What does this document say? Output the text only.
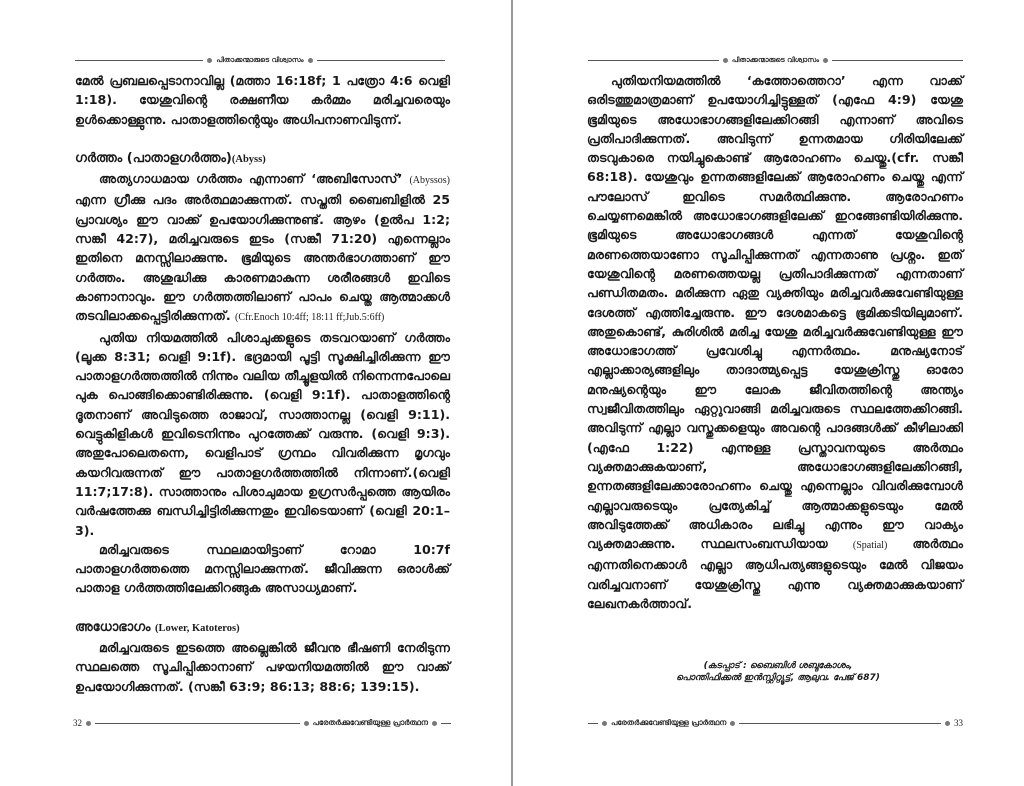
പിതാക്കന്മാരുടെ വിശ്വാസം

മേൽ പ്രബലപ്പെടാനാവില്ല (മത്താ 16:18f; 1 പത്രോ 4:6 വെളി 1:18). യേശുവിന്റെ രക്ഷണീയ കർമ്മം മരിച്ചവരെയും ഉൾക്കൊള്ളുന്നു. പാതാളത്തിന്റെയും അധിപനാണവിടുന്ന്.

ഗർത്തം (പാതാളഗർത്തം)(Abyss)

അത്യഗാധമായ ഗർത്തം എന്നാണ് ‘അബിസോസ്’ (Abyssos) എന്ന ഗ്രീക്കു പദം അർത്ഥമാക്കുന്നത്. സപ്തതി ബൈബിളിൽ 25 പ്രാവശ്യം ഈ വാക്ക് ഉപയോഗിക്കുന്നുണ്ട്. ആഴം (ഉൽപ 1:2; സങ്കീ 42:7), മരിച്ചവരുടെ ഇടം (സങ്കീ 71:20) എന്നെല്ലാം ഇതിനെ മനസ്സിലാക്കുന്നു. ഭൂമിയുടെ അന്തർഭാഗത്താണ് ഈ ഗർത്തം. അശുദ്ധിക്കു കാരണമാകുന്ന ശരീരങ്ങൾ ഇവിടെ കാണാനാവും. ഈ ഗർത്തത്തിലാണ് പാപം ചെയ്ത ആത്മാക്കൾ തടവിലാക്കപ്പെട്ടിരിക്കുന്നത്. (Cfr.Enoch 10:4ff; 18:11 ff;Jub.5:6ff)

പുതിയ നിയമത്തിൽ പിശാചുക്കളുടെ തടവറയാണ് ഗർത്തം (ലൂക്ക 8:31; വെളി 9:1f). ഭദ്രമായി പൂട്ടി സൂക്ഷിച്ചിരിക്കുന്ന ഈ പാതാളഗർത്തത്തിൽ നിന്നും വലിയ തീച്ചൂളയിൽ നിന്നെന്നപോലെ പുക പൊങ്ങിക്കൊണ്ടിരിക്കുന്നു. (വെളി 9:1f). പാതാളത്തിന്റെ ദൂതനാണ് അവിടുത്തെ രാജാവ്, സാത്താനല്ല (വെളി 9:11). വെട്ടുകിളികൾ ഇവിടെനിന്നും പുറത്തേക്ക് വരുന്നു. (വെളി 9:3). അതുപോലെതന്നെ, വെളിപാട് ഗ്രന്ഥം വിവരിക്കുന്ന മൃഗവും കയറിവരുന്നത് ഈ പാതാളഗർത്തത്തിൽ നിന്നാണ്.(വെളി 11:7;17:8). സാത്താനും പിശാചുമായ ഉഗ്രസർപ്പത്തെ ആയിരം വർഷത്തേക്കു ബന്ധിച്ചിട്ടിരിക്കുന്നതും ഇവിടെയാണ് (വെളി 20:1–3).

മരിച്ചവരുടെ സ്ഥലമായിട്ടാണ് റോമാ 10:7f പാതാളഗർത്തത്തെ മനസ്സിലാക്കുന്നത്. ജീവിക്കുന്ന ഒരാൾക്ക് പാതാള ഗർത്തത്തിലേക്കിറങ്ങുക അസാധ്യമാണ്.

അധോഭാഗം (Lower, Katoteros)

മരിച്ചവരുടെ ഇടത്തെ അല്ലെങ്കിൽ ജീവനു ഭീഷണി നേരിടുന്ന സ്ഥലത്തെ സൂചിപ്പിക്കാനാണ് പഴയനിയമത്തിൽ ഈ വാക്ക് ഉപയോഗിക്കുന്നത്. (സങ്കീ 63:9; 86:13; 88:6; 139:15).

32	പരേതർക്കുവേണ്ടിയുള്ള പ്രാർത്ഥന
പിതാക്കന്മാരുടെ വിശ്വാസം

പുതിയനിയമത്തിൽ ‘കത്തോത്തെറാ’ എന്ന വാക്ക് ഒരിടത്തുമാത്രമാണ് ഉപയോഗിച്ചിട്ടുള്ളത് (എഫേ 4:9) യേശു ഭൂമിയുടെ അധോഭാഗങ്ങളിലേക്കിറങ്ങി എന്നാണ് അവിടെ പ്രതിപാദിക്കുന്നത്. അവിടുന്ന് ഉന്നതമായ ഗിരിയിലേക്ക് തടവുകാരെ നയിച്ചുകൊണ്ട് ആരോഹണം ചെയ്തു.(cfr. സങ്കീ 68:18). യേശുവും ഉന്നതങ്ങളിലേക്ക് ആരോഹണം ചെയ്തു എന്ന് പൗലോസ് ഇവിടെ സമർത്ഥിക്കുന്നു. ആരോഹണം ചെയ്യണമെങ്കിൽ അധോഭാഗങ്ങളിലേക്ക് ഇറങ്ങേണ്ടിയിരിക്കുന്നു. ഭൂമിയുടെ അധോഭാഗങ്ങൾ എന്നത് യേശുവിന്റെ മരണത്തെയാണോ സൂചിപ്പിക്കുന്നത് എന്നതാണു പ്രശ്നം. ഇത് യേശുവിന്റെ മരണത്തെയല്ല പ്രതിപാദിക്കുന്നത് എന്നതാണ് പണ്ഡിതമതം. മരിക്കുന്ന ഏതു വ്യക്തിയും മരിച്ചവർക്കുവേണ്ടിയുള്ള ദേശത്ത് എത്തിച്ചേരുന്നു. ഈ ദേശമാകട്ടെ ഭൂമിക്കടിയിലുമാണ്. അതുകൊണ്ട്, കുരിശിൽ മരിച്ച യേശു മരിച്ചവർക്കുവേണ്ടിയുള്ള ഈ അധോഭാഗത്ത് പ്രവേശിച്ചു എന്നർത്ഥം. മനുഷ്യനോട് എല്ലാക്കാര്യങ്ങളിലും താദാത്മ്യപ്പെട്ട യേശുക്രിസ്തു ഓരോ മനുഷ്യന്റെയും ഈ ലോക ജീവിതത്തിന്റെ അന്ത്യം സ്വജീവിതത്തിലും ഏറ്റുവാങ്ങി മരിച്ചവരുടെ സ്ഥലത്തേക്കിറങ്ങി. അവിടുന്ന് എല്ലാ വസ്തുക്കളെയും അവന്റെ പാദങ്ങൾക്ക് കീഴിലാക്കി (എഫേ 1:22) എന്നുള്ള പ്രസ്താവനയുടെ അർത്ഥം വ്യക്തമാക്കുകയാണ്, അധോഭാഗങ്ങളിലേക്കിറങ്ങി, ഉന്നതങ്ങളിലേക്കാരോഹണം ചെയ്തു എന്നെല്ലാം വിവരിക്കുമ്പോൾ എല്ലാവരുടെയും പ്രത്യേകിച്ച് ആത്മാക്കളുടെയും മേൽ അവിടുത്തേക്ക് അധികാരം ലഭിച്ചു എന്നും ഈ വാക്യം വ്യക്തമാക്കുന്നു. സ്ഥലസംബന്ധിയായ (Spatial) അർത്ഥം എന്നതിനെക്കാൾ എല്ലാ ആധിപത്യങ്ങളുടെയും മേൽ വിജയം വരിച്ചവനാണ് യേശുക്രിസ്തു എന്നു വ്യക്തമാക്കുകയാണ് ലേഖനകർത്താവ്.

(കടപ്പാട് : ബൈബിൾ ശബ്ദകോശം,
പൊന്തിഫിക്കൽ ഇൻസ്റ്റിറ്റ്യൂട്ട്, ആലുവ. പേജ് 687)
പരേതർക്കുവേണ്ടിയുള്ള പ്രാർത്ഥന	33
